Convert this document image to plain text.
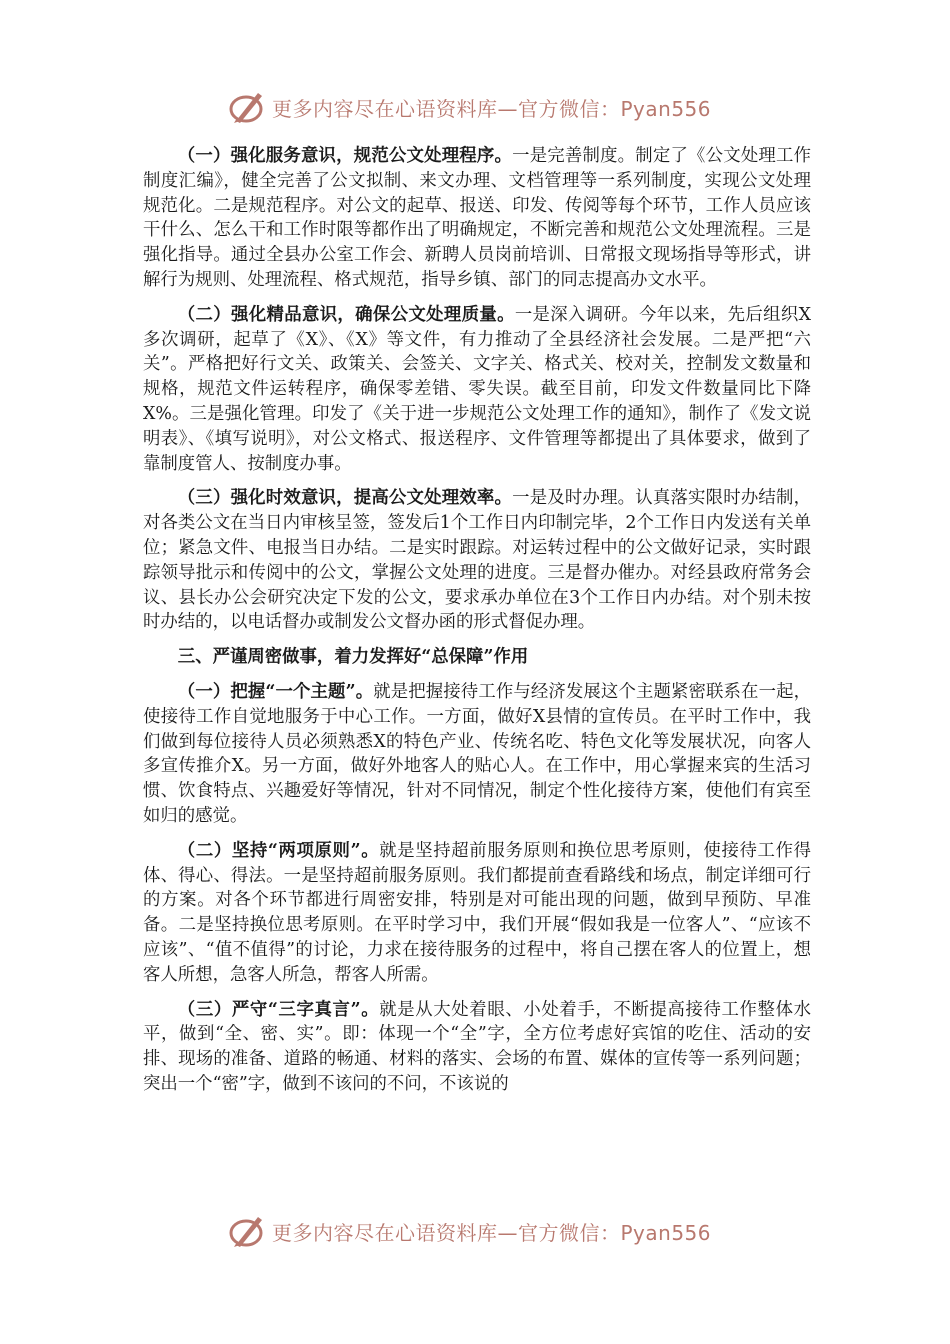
更多内容尽在心语资料库—官方微信：Pyan556

（一）强化服务意识，规范公文处理程序。一是完善制度。制定了《公文处理工作制度汇编》，健全完善了公文拟制、来文办理、文档管理等一系列制度，实现公文处理规范化。二是规范程序。对公文的起草、报送、印发、传阅等每个环节，工作人员应该干什么、怎么干和工作时限等都作出了明确规定，不断完善和规范公文处理流程。三是强化指导。通过全县办公室工作会、新聘人员岗前培训、日常报文现场指导等形式，讲解行为规则、处理流程、格式规范，指导乡镇、部门的同志提高办文水平。

（二）强化精品意识，确保公文处理质量。一是深入调研。今年以来，先后组织X多次调研，起草了《X》、《X》等文件，有力推动了全县经济社会发展。二是严把“六关”。严格把好行文关、政策关、会签关、文字关、格式关、校对关，控制发文数量和规格，规范文件运转程序，确保零差错、零失误。截至目前，印发文件数量同比下降X%。三是强化管理。印发了《关于进一步规范公文处理工作的通知》，制作了《发文说明表》、《填写说明》，对公文格式、报送程序、文件管理等都提出了具体要求，做到了靠制度管人、按制度办事。

（三）强化时效意识，提高公文处理效率。一是及时办理。认真落实限时办结制，对各类公文在当日内审核呈签，签发后1个工作日内印制完毕，2个工作日内发送有关单位；紧急文件、电报当日办结。二是实时跟踪。对运转过程中的公文做好记录，实时跟踪领导批示和传阅中的公文，掌握公文处理的进度。三是督办催办。对经县政府常务会议、县长办公会研究决定下发的公文，要求承办单位在3个工作日内办结。对个别未按时办结的，以电话督办或制发公文督办函的形式督促办理。

三、严谨周密做事，着力发挥好“总保障”作用

（一）把握“一个主题”。就是把握接待工作与经济发展这个主题紧密联系在一起，使接待工作自觉地服务于中心工作。一方面，做好X县情的宣传员。在平时工作中，我们做到每位接待人员必须熟悉X的特色产业、传统名吃、特色文化等发展状况，向客人多宣传推介X。另一方面，做好外地客人的贴心人。在工作中，用心掌握来宾的生活习惯、饮食特点、兴趣爱好等情况，针对不同情况，制定个性化接待方案，使他们有宾至如归的感觉。

（二）坚持“两项原则”。就是坚持超前服务原则和换位思考原则，使接待工作得体、得心、得法。一是坚持超前服务原则。我们都提前查看路线和场点，制定详细可行的方案。对各个环节都进行周密安排，特别是对可能出现的问题，做到早预防、早准备。二是坚持换位思考原则。在平时学习中，我们开展“假如我是一位客人”、“应该不应该”、“值不值得”的讨论，力求在接待服务的过程中，将自己摆在客人的位置上，想客人所想，急客人所急，帮客人所需。

（三）严守“三字真言”。就是从大处着眼、小处着手，不断提高接待工作整体水平，做到“全、密、实”。即：体现一个“全”字，全方位考虑好宾馆的吃住、活动的安排、现场的准备、道路的畅通、材料的落实、会场的布置、媒体的宣传等一系列问题；突出一个“密”字，做到不该问的不问，不该说的

更多内容尽在心语资料库—官方微信：Pyan556
